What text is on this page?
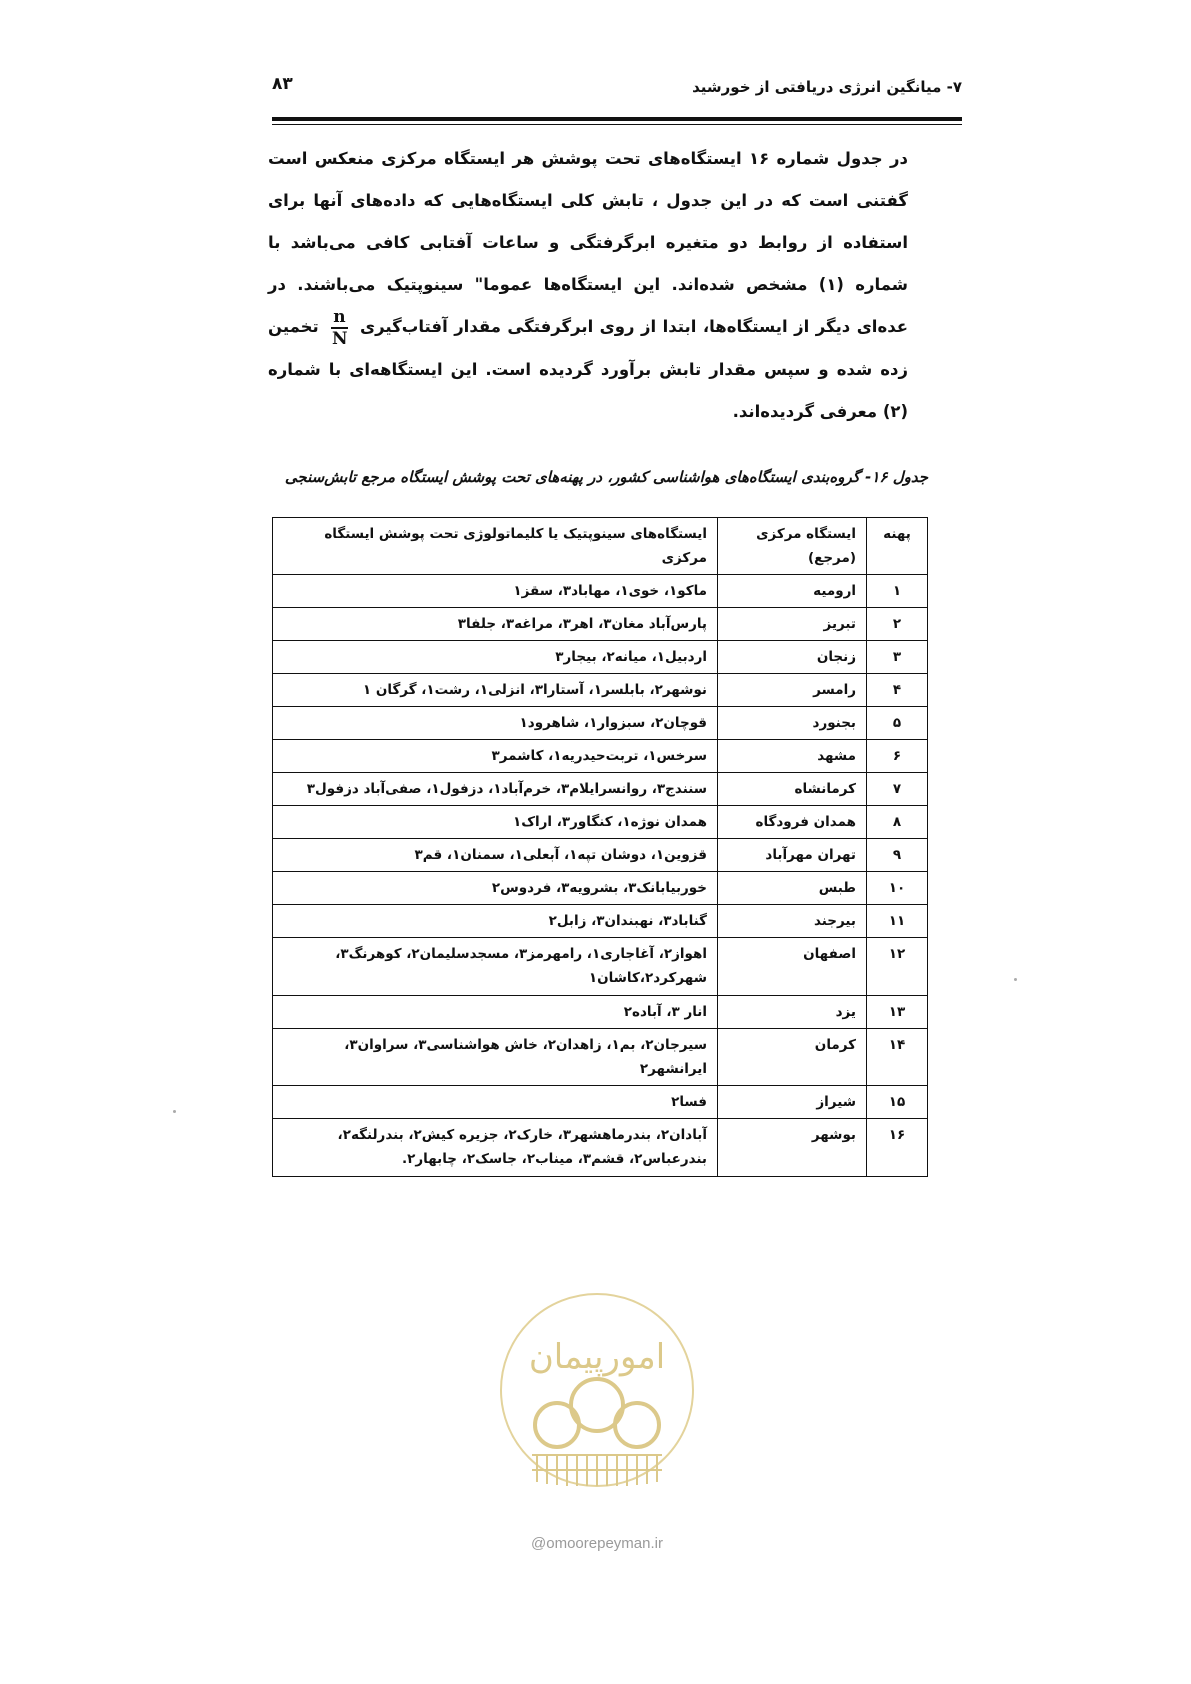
۷- میانگین انرژی دریافتی از خورشید
۸۳
در جدول شماره ۱۶ ایستگاه‌های تحت پوشش هر ایستگاه مرکزی منعکس است گفتنی است که در این جدول ، تابش کلی ایستگاه‌هایی که داده‌های آنها برای استفاده از روابط دو متغیره ابرگرفتگی و ساعات آفتابی کافی می‌باشد با شماره (۱) مشخص شده‌اند. این ایستگاه‌ها عموما" سینوپتیک می‌باشند. در عده‌ای دیگر از ایستگاه‌ها، ابتدا از روی ابرگرفتگی مقدار آفتاب‌گیری
$\frac{n}{N}$
تخمین زده شده و سپس مقدار تابش برآورد گردیده است. این ایستگاهه‌ای با شماره (۲) معرفی گردیده‌اند.
جدول ۱۶- گروه‌بندی ایستگاه‌های هواشناسی کشور، در پهنه‌های تحت پوشش ایستگاه مرجع تابش‌سنجی
پهنه	ایستگاه مرکزی (مرجع)	ایستگاه‌های سینوپتیک یا کلیماتولوژی تحت پوشش ایستگاه مرکزی
۱	ارومیه	ماکو۱، خوی۱، مهاباد۳، سقز۱
۲	تبریز	پارس‌آباد مغان۳، اهر۳، مراغه۳، جلفا۳
۳	زنجان	اردبیل۱، میانه۲، بیجار۳
۴	رامسر	نوشهر۲، بابلسر۱، آستارا۳، انزلی۱، رشت۱، گرگان ۱
۵	بجنورد	قوچان۲، سبزوار۱، شاهرود۱
۶	مشهد	سرخس۱، تربت‌حیدریه۱، کاشمر۳
۷	کرمانشاه	سنندج۳، روانسرایلام۳، خرم‌آباد۱، دزفول۱، صفی‌آباد دزفول۳
۸	همدان فرودگاه	همدان نوژه۱، کنگاور۳، اراک۱
۹	تهران مهرآباد	قزوین۱، دوشان تپه۱، آبعلی۱، سمنان۱، قم۳
۱۰	طبس	خوربیابانک۳، بشرویه۳، فردوس۲
۱۱	بیرجند	گناباد۳، نهبندان۳، زابل۲
۱۲	اصفهان	اهواز۲، آغاجاری۱، رامهرمز۳، مسجدسلیمان۲، کوهرنگ۳، شهرکرد۲،کاشان۱
۱۳	یزد	انار ۳، آباده۲
۱۴	کرمان	سیرجان۲، بم۱، زاهدان۲، خاش هواشناسی۳، سراوان۳، ایرانشهر۲
۱۵	شیراز	فسا۲
۱۶	بوشهر	آبادان۲، بندرماهشهر۳، خارک۲، جزیره کیش۲، بندرلنگه۲، بندرعباس۲، قشم۳، میناب۲، جاسک۲، چابهار۲.
امورپیمان
@omoorepeyman.ir
